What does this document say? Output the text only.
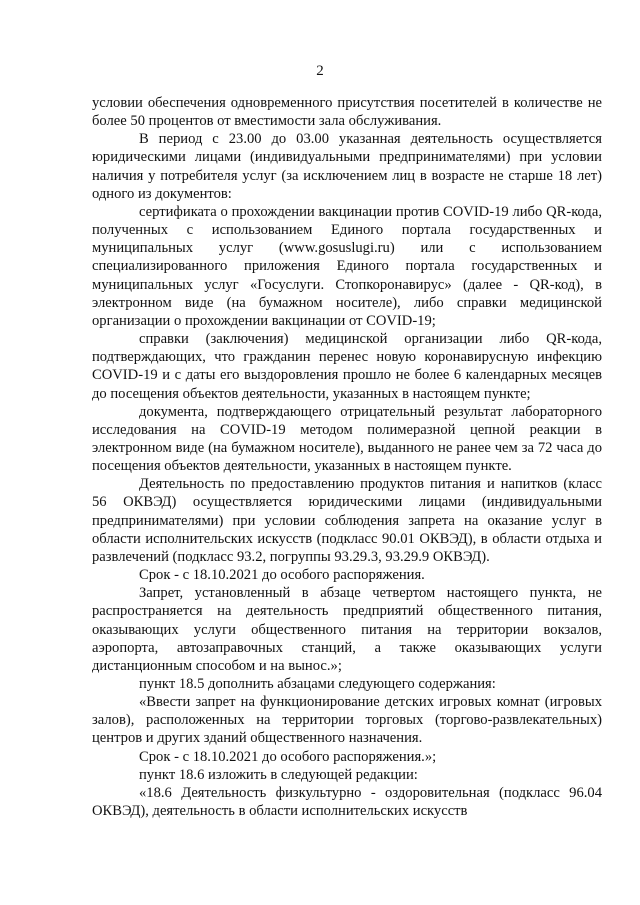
2

условии обеспечения одновременного присутствия посетителей в количестве не более 50 процентов от вместимости зала обслуживания.

В период с 23.00 до 03.00 указанная деятельность осуществляется юридическими лицами (индивидуальными предпринимателями) при условии наличия у потребителя услуг (за исключением лиц в возрасте не старше 18 лет) одного из документов:

сертификата о прохождении вакцинации против COVID-19 либо QR-кода, полученных с использованием Единого портала государственных и муниципальных услуг (www.gosuslugi.ru) или с использованием специализированного приложения Единого портала государственных и муниципальных услуг «Госуслуги. Стопкоронавирус» (далее - QR-код), в электронном виде (на бумажном носителе), либо справки медицинской организации о прохождении вакцинации от COVID-19;

справки (заключения) медицинской организации либо QR-кода, подтверждающих, что гражданин перенес новую коронавирусную инфекцию COVID-19 и с даты его выздоровления прошло не более 6 календарных месяцев до посещения объектов деятельности, указанных в настоящем пункте;

документа, подтверждающего отрицательный результат лабораторного исследования на COVID-19 методом полимеразной цепной реакции в электронном виде (на бумажном носителе), выданного не ранее чем за 72 часа до посещения объектов деятельности, указанных в настоящем пункте.

Деятельность по предоставлению продуктов питания и напитков (класс 56 ОКВЭД) осуществляется юридическими лицами (индивидуальными предпринимателями) при условии соблюдения запрета на оказание услуг в области исполнительских искусств (подкласс 90.01 ОКВЭД), в области отдыха и развлечений (подкласс 93.2, погруппы 93.29.3, 93.29.9 ОКВЭД).

Срок - с 18.10.2021 до особого распоряжения.

Запрет, установленный в абзаце четвертом настоящего пункта, не распространяется на деятельность предприятий общественного питания, оказывающих услуги общественного питания на территории вокзалов, аэропорта, автозаправочных станций, а также оказывающих услуги дистанционным способом и на вынос.»;

пункт 18.5 дополнить абзацами следующего содержания:

«Ввести запрет на функционирование детских игровых комнат (игровых залов), расположенных на территории торговых (торгово-развлекательных) центров и других зданий общественного назначения.

Срок - с 18.10.2021 до особого распоряжения.»;

пункт 18.6 изложить в следующей редакции:

«18.6 Деятельность физкультурно - оздоровительная (подкласс 96.04 ОКВЭД), деятельность в области исполнительских искусств
